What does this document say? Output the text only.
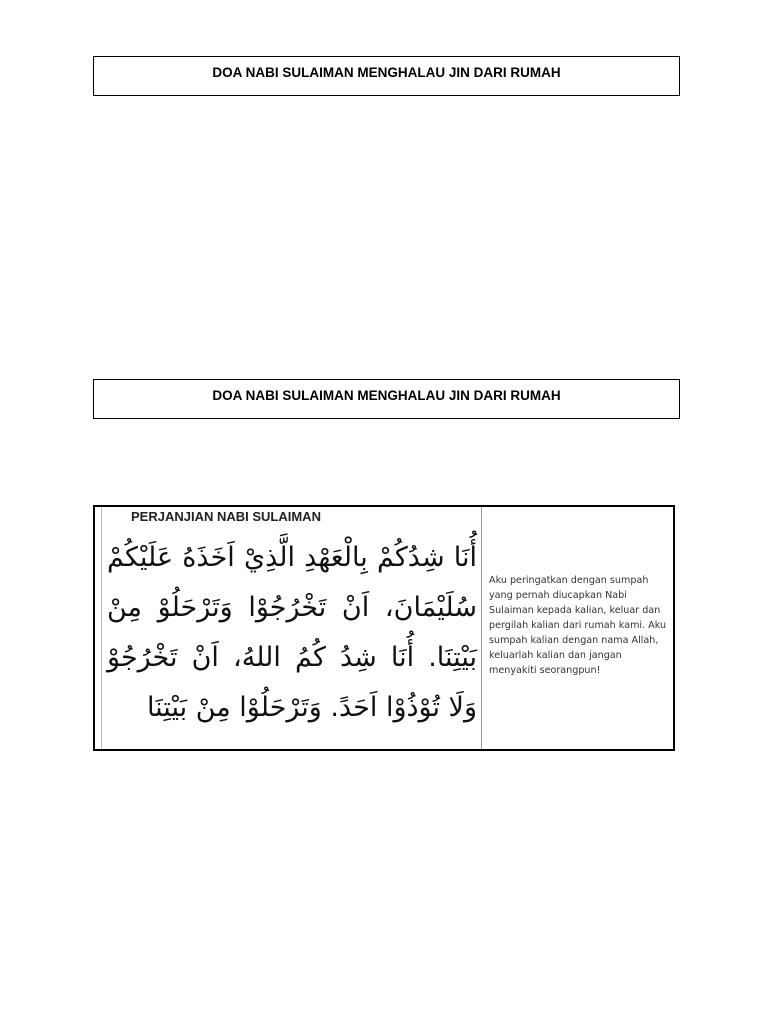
DOA NABI SULAIMAN MENGHALAU JIN DARI RUMAH
DOA NABI SULAIMAN MENGHALAU JIN DARI RUMAH
PERJANJIAN NABI SULAIMAN
أُنَا شِدُكُمْ بِالْعَهْدِ الَّذِيْ اَخَذَهُ عَلَيْكُمْ سُلَيْمَانَ، اَنْ تَخْرُجُوْا وَتَرْحَلُوْ مِنْ بَيْتِنَا. أُنَا شِدُ كُمُ اللهُ، اَنْ تَخْرُجُوْ وَلَا تُوْذُوْا اَحَدً. وَتَرْحَلُوْا مِنْ بَيْتِنَا
Aku peringatkan dengan sumpah yang pernah diucapkan Nabi Sulaiman kepada kalian, keluar dan pergilah kalian dari rumah kami. Aku sumpah kalian dengan nama Allah, keluarlah kalian dan jangan menyakiti seorangpun!
